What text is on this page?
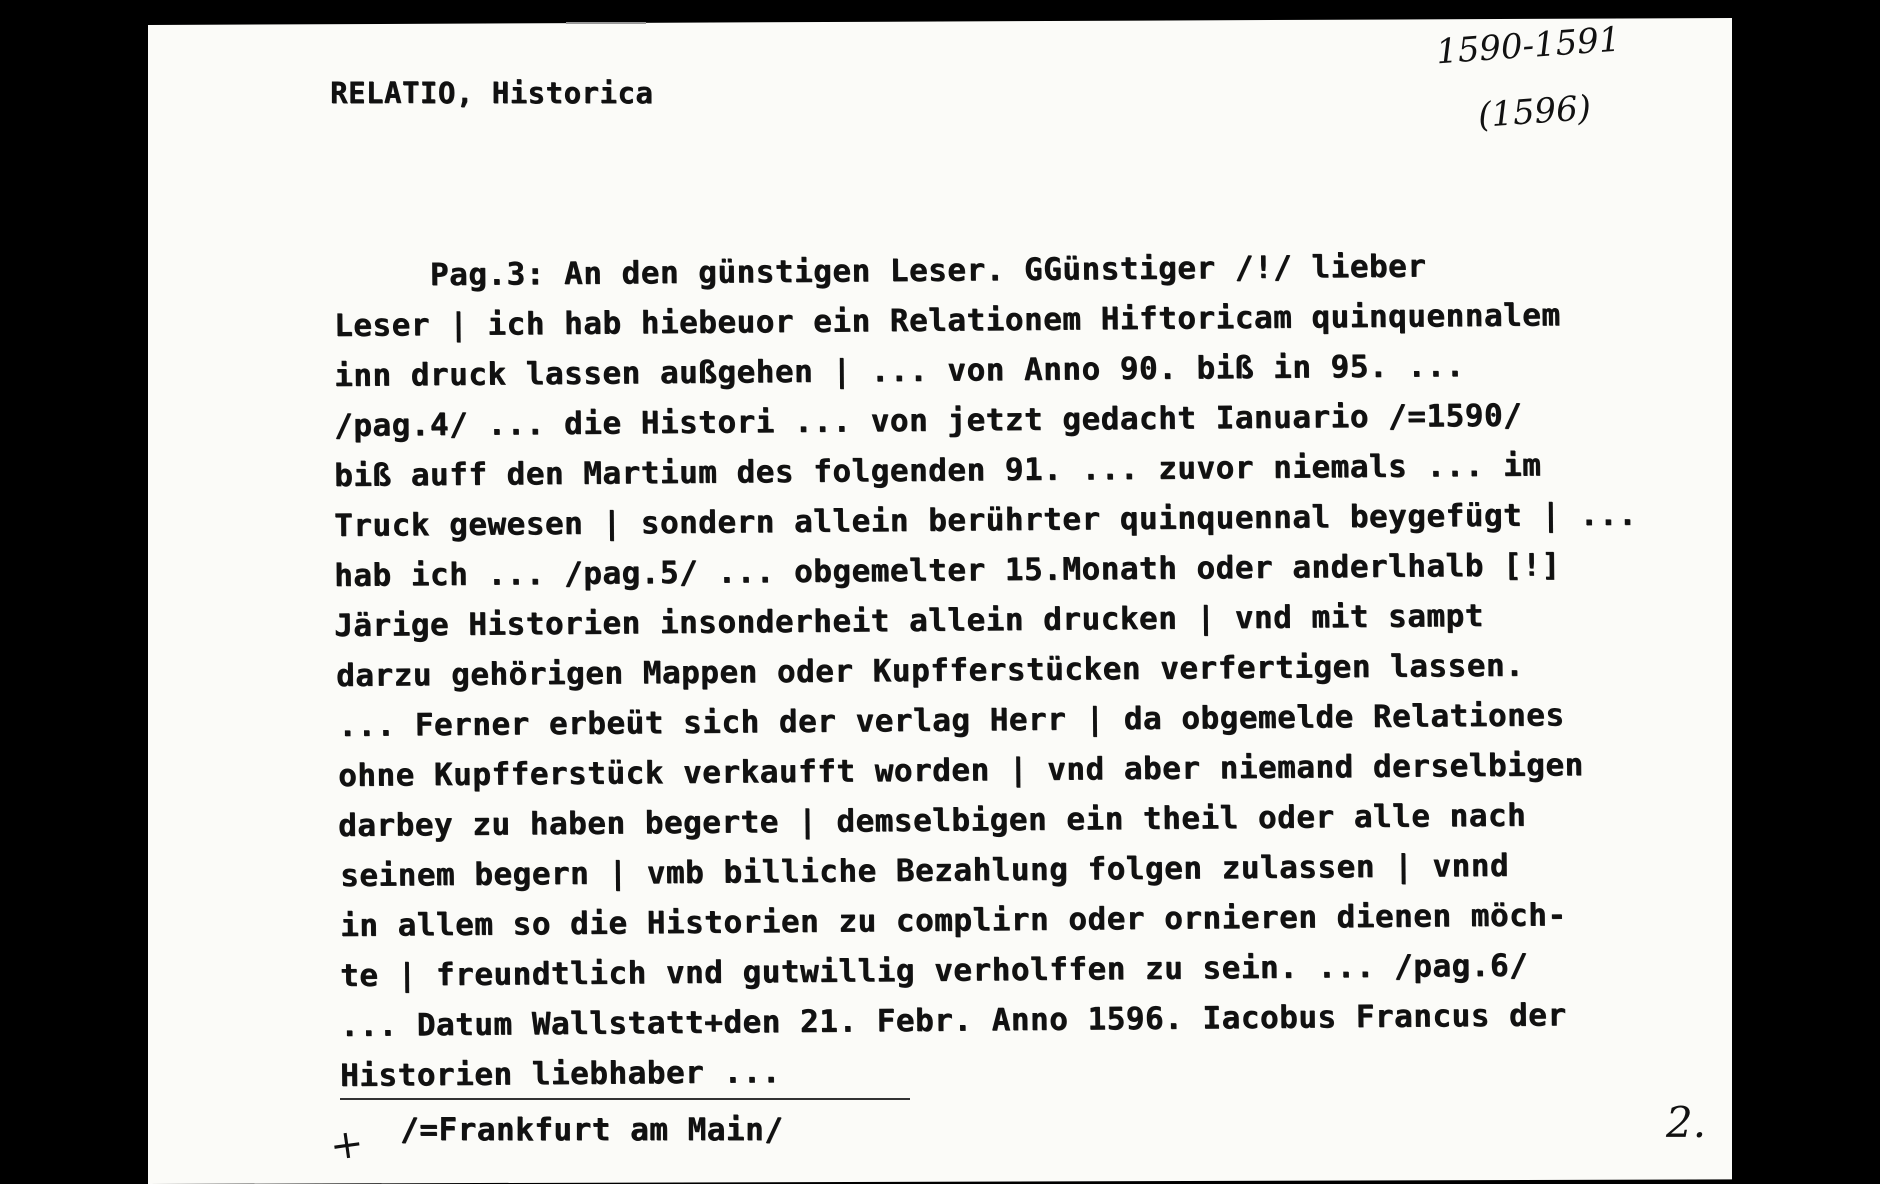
RELATIO, Historica
1590-1591
(1596)
Pag.3: An den günstigen Leser. GGünstiger /!/ lieber
Leser | ich hab hiebeuor ein Relationem Hiftoricam quinquennalem
inn druck lassen außgehen | ... von Anno 90. biß in 95. ...
/pag.4/ ... die Histori ... von jetzt gedacht Ianuario /=1590/
biß auff den Martium des folgenden 91. ... zuvor niemals ... im
Truck gewesen | sondern allein berührter quinquennal beygefügt | ...
hab ich ... /pag.5/ ... obgemelter 15.Monath oder anderlhalb [!]
Järige Historien insonderheit allein drucken | vnd mit sampt
darzu gehörigen Mappen oder Kupfferstücken verfertigen lassen.
... Ferner erbeüt sich der verlag Herr | da obgemelde Relationes
ohne Kupfferstück verkaufft worden | vnd aber niemand derselbigen
darbey zu haben begerte | demselbigen ein theil oder alle nach
seinem begern | vmb billiche Bezahlung folgen zulassen | vnnd
in allem so die Historien zu complirn oder ornieren dienen möch-
te | freundtlich vnd gutwillig verholffen zu sein. ... /pag.6/
... Datum Wallstatt+den 21. Febr. Anno 1596. Iacobus Francus der
Historien liebhaber ...
+ /=Frankfurt am Main/	2.
